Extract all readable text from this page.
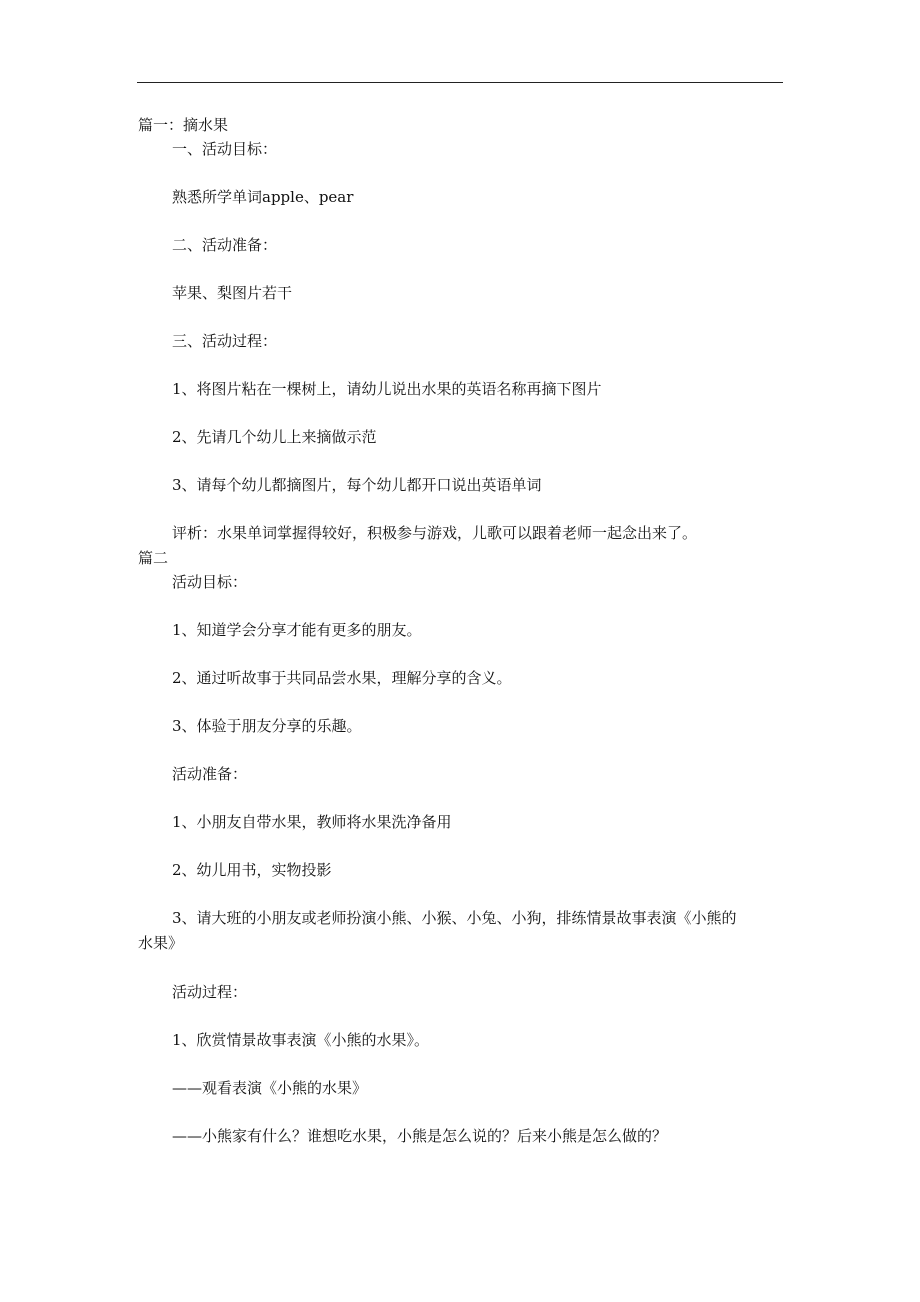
篇一：摘水果
一、活动目标：
熟悉所学单词apple、pear
二、活动准备：
苹果、梨图片若干
三、活动过程：
1、将图片粘在一棵树上，请幼儿说出水果的英语名称再摘下图片
2、先请几个幼儿上来摘做示范
3、请每个幼儿都摘图片，每个幼儿都开口说出英语单词
评析：水果单词掌握得较好，积极参与游戏，儿歌可以跟着老师一起念出来了。
篇二
活动目标：
1、知道学会分享才能有更多的朋友。
2、通过听故事于共同品尝水果，理解分享的含义。
3、体验于朋友分享的乐趣。
活动准备：
1、小朋友自带水果，教师将水果洗净备用
2、幼儿用书，实物投影
3、请大班的小朋友或老师扮演小熊、小猴、小兔、小狗，排练情景故事表演《小熊的
水果》
活动过程：
1、欣赏情景故事表演《小熊的水果》。
——观看表演《小熊的水果》
——小熊家有什么？谁想吃水果，小熊是怎么说的？后来小熊是怎么做的？
